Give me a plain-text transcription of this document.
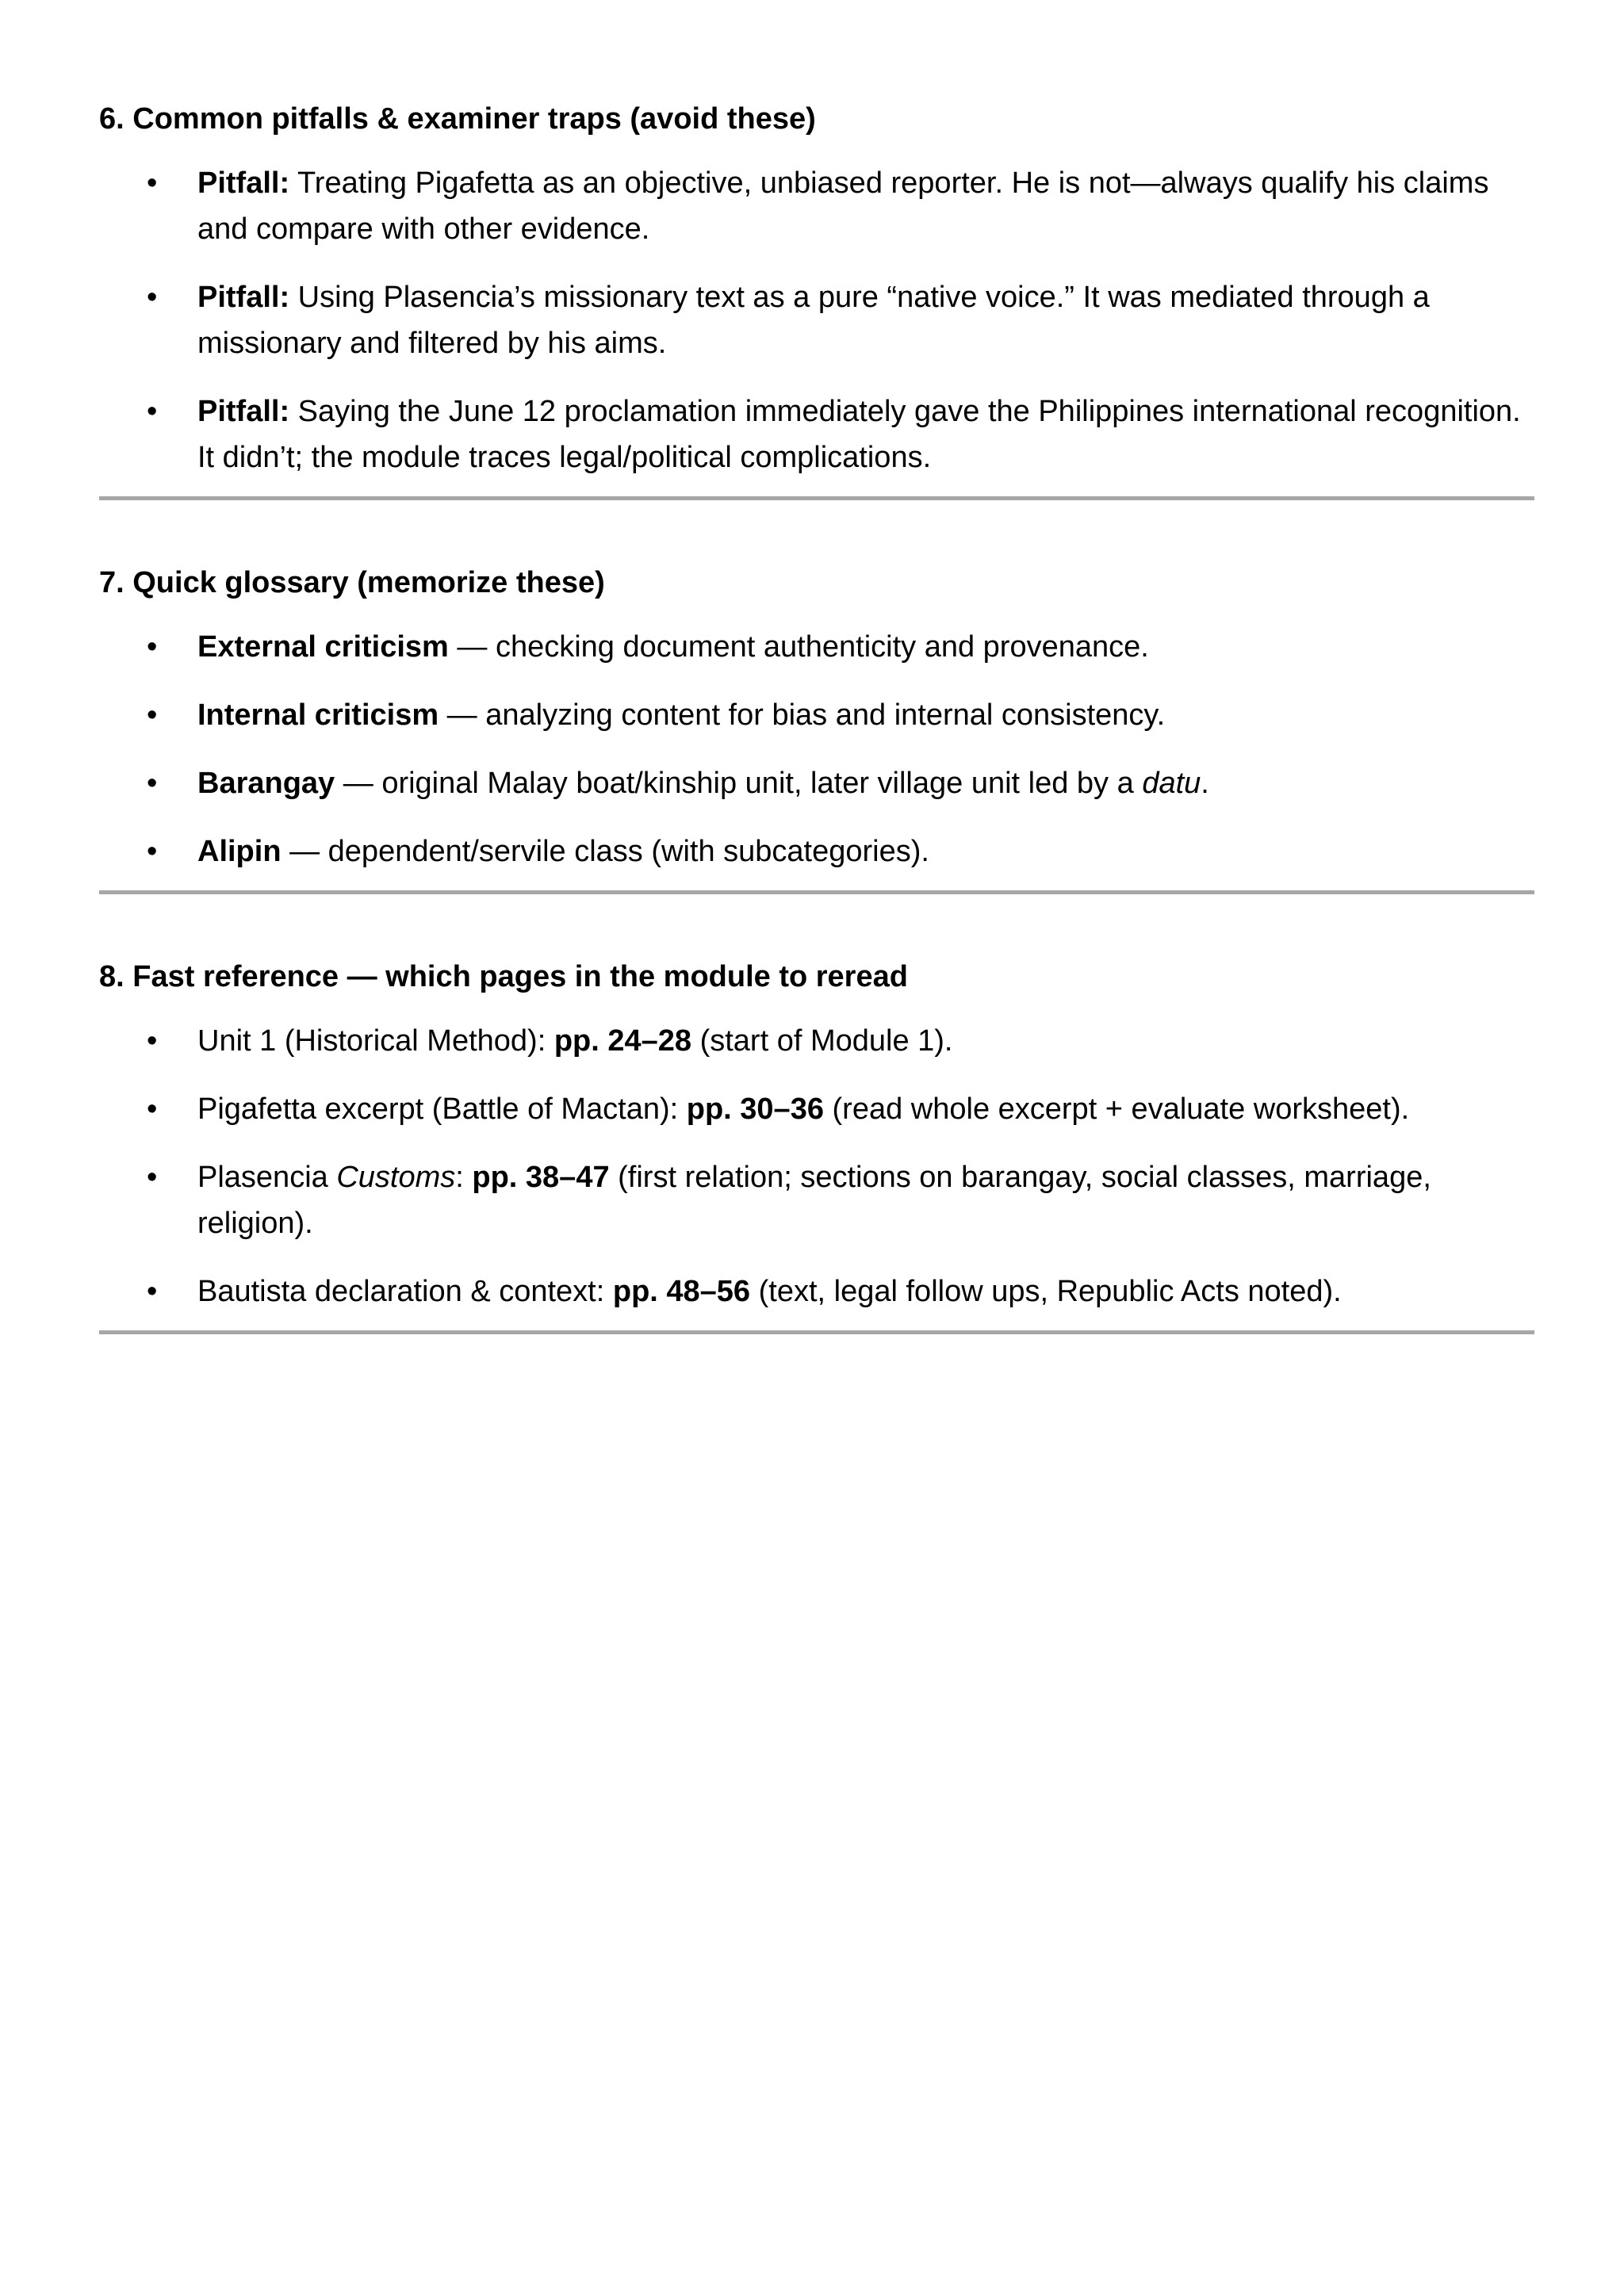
6. Common pitfalls & examiner traps (avoid these)
• Pitfall: Treating Pigafetta as an objective, unbiased reporter. He is not—always qualify his claims and compare with other evidence.
• Pitfall: Using Plasencia’s missionary text as a pure “native voice.” It was mediated through a missionary and filtered by his aims.
• Pitfall: Saying the June 12 proclamation immediately gave the Philippines international recognition. It didn’t; the module traces legal/political complications.
7. Quick glossary (memorize these)
• External criticism — checking document authenticity and provenance.
• Internal criticism — analyzing content for bias and internal consistency.
• Barangay — original Malay boat/kinship unit, later village unit led by a datu.
• Alipin — dependent/servile class (with subcategories).
8. Fast reference — which pages in the module to reread
• Unit 1 (Historical Method): pp. 24–28 (start of Module 1).
• Pigafetta excerpt (Battle of Mactan): pp. 30–36 (read whole excerpt + evaluate worksheet).
• Plasencia Customs: pp. 38–47 (first relation; sections on barangay, social classes, marriage, religion).
• Bautista declaration & context: pp. 48–56 (text, legal follow ups, Republic Acts noted).
